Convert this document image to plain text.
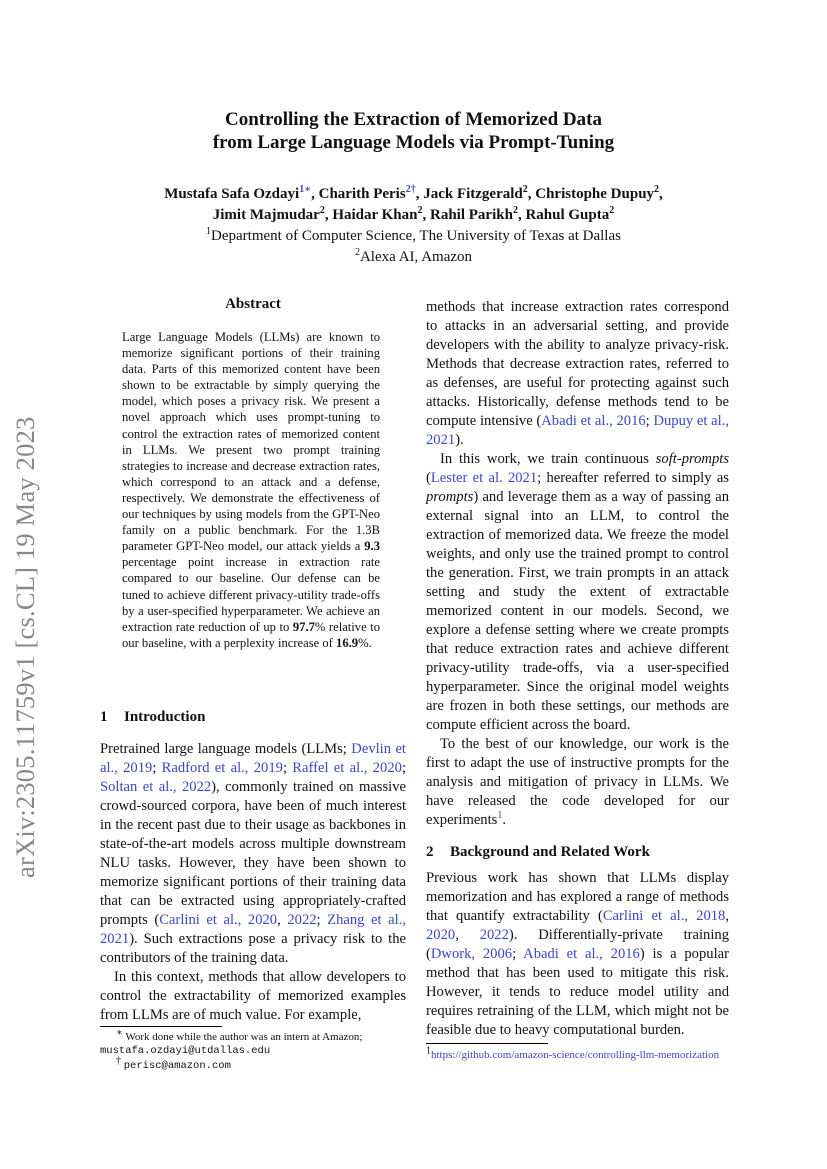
arXiv:2305.11759v1 [cs.CL] 19 May 2023
Controlling the Extraction of Memorized Data
from Large Language Models via Prompt-Tuning
Mustafa Safa Ozdayi$^{1∗}$, Charith Peris$^{2\dagger}$, Jack Fitzgerald$^2$, Christophe Dupuy$^2$,
Jimit Majmudar$^2$, Haidar Khan$^2$, Rahil Parikh$^2$, Rahul Gupta$^2$
$^1$Department of Computer Science, The University of Texas at Dallas
$^2$Alexa AI, Amazon
Abstract
Large Language Models (LLMs) are known to memorize significant portions of their training data. Parts of this memorized content have been shown to be extractable by simply querying the model, which poses a privacy risk. We present a novel approach which uses prompt-tuning to control the extraction rates of memorized content in LLMs. We present two prompt training strategies to increase and decrease extraction rates, which correspond to an attack and a defense, respectively. We demonstrate the effectiveness of our techniques by using models from the GPT-Neo family on a public benchmark. For the 1.3B parameter GPT-Neo model, our attack yields a 9.3 percentage point increase in extraction rate compared to our baseline. Our defense can be tuned to achieve different privacy-utility trade-offs by a user-specified hyperparameter. We achieve an extraction rate reduction of up to 97.7% relative to our baseline, with a perplexity increase of 16.9%.
1 Introduction

Pretrained large language models (LLMs; Devlin et al., 2019; Radford et al., 2019; Raffel et al., 2020; Soltan et al., 2022), commonly trained on massive crowd-sourced corpora, have been of much interest in the recent past due to their usage as backbones in state-of-the-art models across multiple downstream NLU tasks. However, they have been shown to memorize significant portions of their training data that can be extracted using appropriately-crafted prompts (Carlini et al., 2020, 2022; Zhang et al., 2021). Such extractions pose a privacy risk to the contributors of the training data.

In this context, methods that allow developers to control the extractability of memorized examples from LLMs are of much value. For example,

∗ Work done while the author was an intern at Amazon;
mustafa.ozdayi@utdallas.edu
† perisc@amazon.com

methods that increase extraction rates correspond to attacks in an adversarial setting, and provide developers with the ability to analyze privacy-risk. Methods that decrease extraction rates, referred to as defenses, are useful for protecting against such attacks. Historically, defense methods tend to be compute intensive (Abadi et al., 2016; Dupuy et al., 2021).

In this work, we train continuous soft-prompts (Lester et al. 2021; hereafter referred to simply as prompts) and leverage them as a way of passing an external signal into an LLM, to control the extraction of memorized data. We freeze the model weights, and only use the trained prompt to control the generation. First, we train prompts in an attack setting and study the extent of extractable memorized content in our models. Second, we explore a defense setting where we create prompts that reduce extraction rates and achieve different privacy-utility trade-offs, via a user-specified hyperparameter. Since the original model weights are frozen in both these settings, our methods are compute efficient across the board.

To the best of our knowledge, our work is the first to adapt the use of instructive prompts for the analysis and mitigation of privacy in LLMs. We have released the code developed for our experiments$^1$.

2 Background and Related Work

Previous work has shown that LLMs display memorization and has explored a range of methods that quantify extractability (Carlini et al., 2018, 2020, 2022). Differentially-private training (Dwork, 2006; Abadi et al., 2016) is a popular method that has been used to mitigate this risk. However, it tends to reduce model utility and requires retraining of the LLM, which might not be feasible due to heavy computational burden.

$^1$https://github.com/amazon-science/controlling-llm-memorization
